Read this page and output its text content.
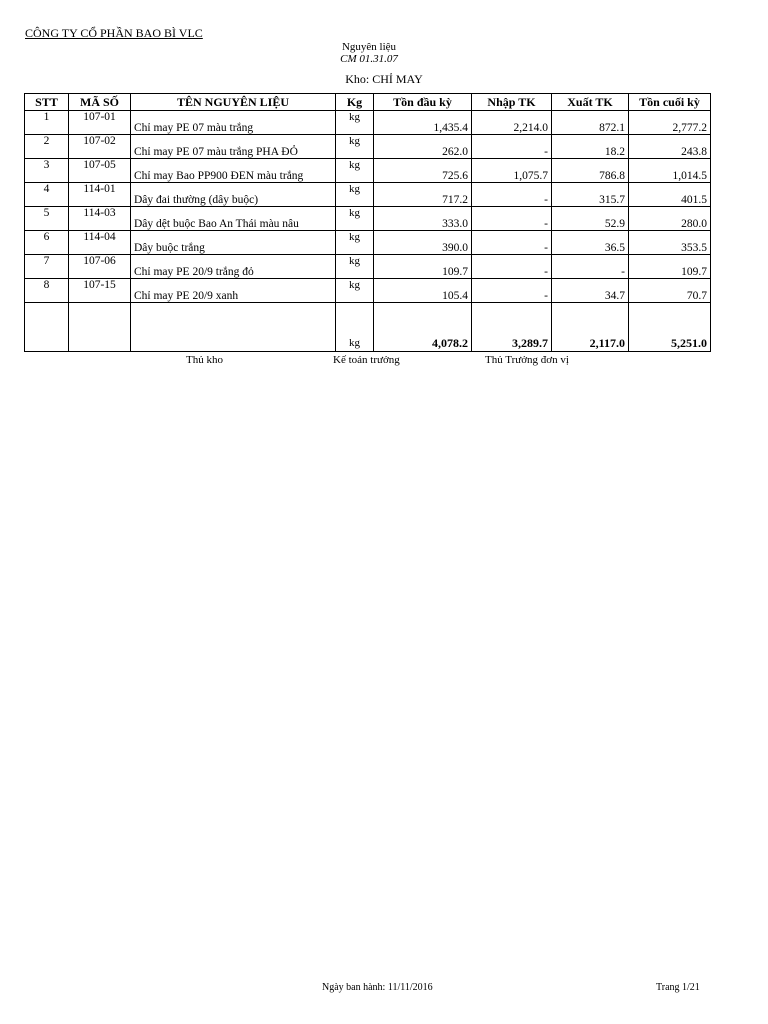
CÔNG TY CỔ PHẦN BAO BÌ VLC
Nguyên liệu
CM 01.31.07
Kho: CHỈ MAY
STT	MÃ SỐ	TÊN NGUYÊN LIỆU	Kg	Tồn đầu kỳ	Nhập TK	Xuất TK	Tồn cuối kỳ
1	107-01	Chỉ may PE 07 màu trắng	kg	1,435.4	2,214.0	872.1	2,777.2
2	107-02	Chỉ may PE 07 màu trắng PHA ĐỎ	kg	262.0	-	18.2	243.8
3	107-05	Chỉ may Bao PP900 ĐEN màu trắng	kg	725.6	1,075.7	786.8	1,014.5
4	114-01	Dây đai thường (dây buộc)	kg	717.2	-	315.7	401.5
5	114-03	Dây dệt buộc Bao An Thái màu nâu	kg	333.0	-	52.9	280.0
6	114-04	Dây buộc trắng	kg	390.0	-	36.5	353.5
7	107-06	Chỉ may PE 20/9 trắng đỏ	kg	109.7	-	-	109.7
8	107-15	Chỉ may PE 20/9 xanh	kg	105.4	-	34.7	70.7
			kg	4,078.2	3,289.7	2,117.0	5,251.0
Thủ kho	Kế toán trưởng	Thủ Trưởng đơn vị
Ngày ban hành: 11/11/2016	Trang 1/21
